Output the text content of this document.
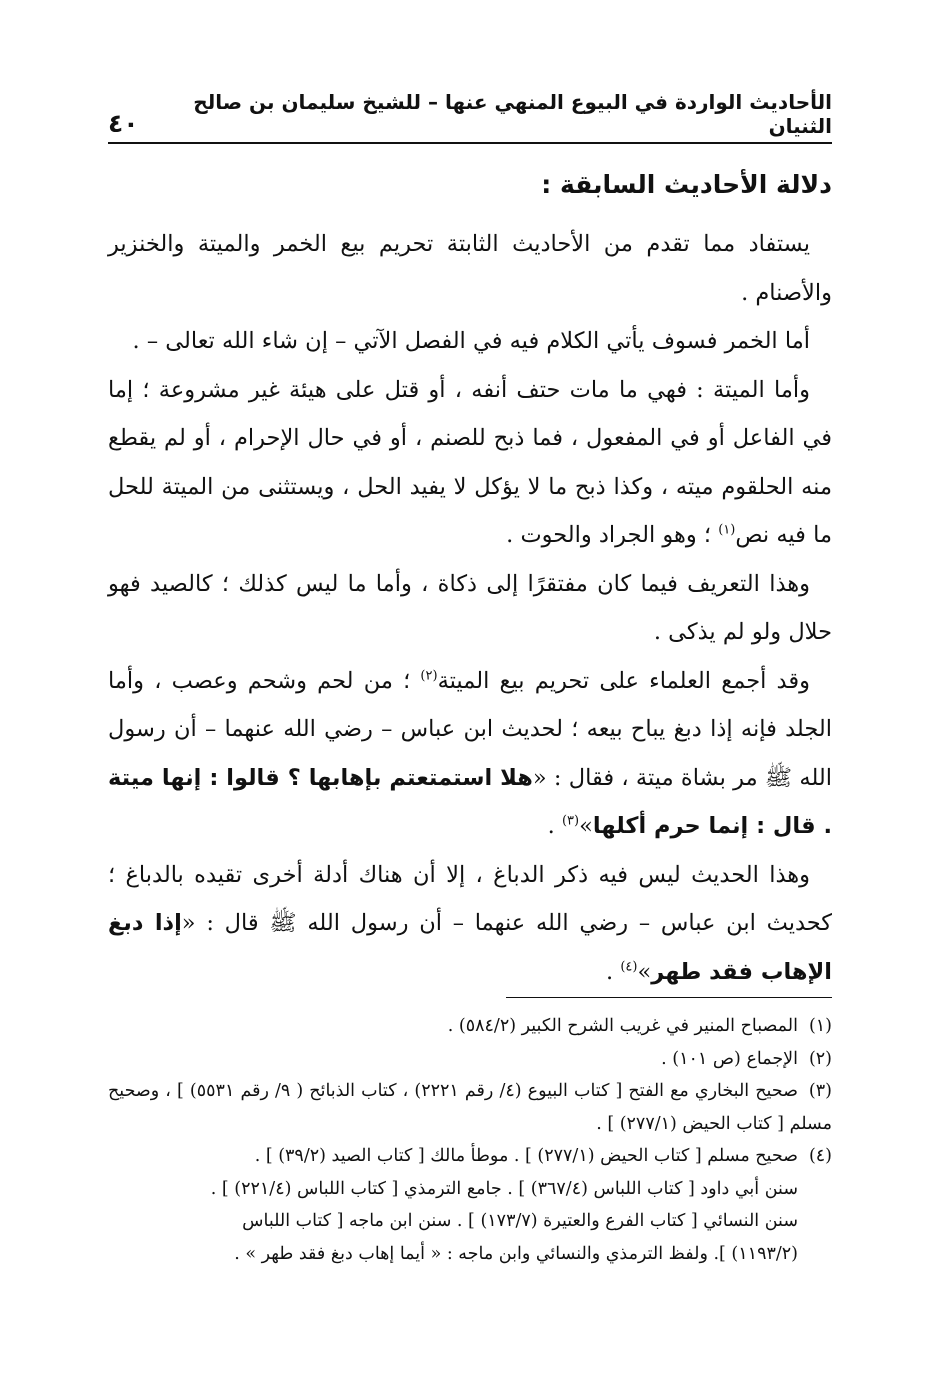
الأحاديث الواردة في البيوع المنهي عنها – للشيخ سليمان بن صالح الثنيان
٤٠
دلالة الأحاديث السابقة :

يستفاد مما تقدم من الأحاديث الثابتة تحريم بيع الخمر والميتة والخنزير والأصنام .

أما الخمر فسوف يأتي الكلام فيه في الفصل الآتي – إن شاء الله تعالى – .

وأما الميتة : فهي ما مات حتف أنفه ، أو قتل على هيئة غير مشروعة ؛ إما في الفاعل أو في المفعول ، فما ذبح للصنم ، أو في حال الإحرام ، أو لم يقطع منه الحلقوم ميته ، وكذا ذبح ما لا يؤكل لا يفيد الحل ، ويستثنى من الميتة للحل ما فيه نص$^{(١)}$ ؛ وهو الجراد والحوت .

وهذا التعريف فيما كان مفتقرًا إلى ذكاة ، وأما ما ليس كذلك ؛ كالصيد فهو حلال ولو لم يذكى .

وقد أجمع العلماء على تحريم بيع الميتة$^{(٢)}$ ؛ من لحم وشحم وعصب ، وأما الجلد فإنه إذا دبغ يباح بيعه ؛ لحديث ابن عباس – رضي الله عنهما – أن رسول الله ﷺ مر بشاة ميتة ، فقال : «هلا استمتعتم بإهابها ؟ قالوا : إنها ميتة . قال : إنما حرم أكلها»$^{(٣)}$ .

وهذا الحديث ليس فيه ذكر الدباغ ، إلا أن هناك أدلة أخرى تقيده بالدباغ ؛ كحديث ابن عباس – رضي الله عنهما – أن رسول الله ﷺ قال : «إذا دبغ الإهاب فقد طهر»$^{(٤)}$ .

(١)المصباح المنير في غريب الشرح الكبير (٥٨٤/٢) .

(٢)الإجماع (ص ١٠١) .

(٣)صحيح البخاري مع الفتح [ كتاب البيوع (٤/ رقم ٢٢٢١) ، كتاب الذبائح ( ٩/ رقم ٥٥٣١) ] ، وصحيح مسلم [ كتاب الحيض (٢٧٧/١) ] .

(٤)صحيح مسلم [ كتاب الحيض (٢٧٧/١) ] . موطأ مالك [ كتاب الصيد (٣٩/٢) ] .

سنن أبي داود [ كتاب اللباس (٣٦٧/٤) ] . جامع الترمذي [ كتاب اللباس (٢٢١/٤) ] .

سنن النسائي [ كتاب الفرع والعتيرة (١٧٣/٧) ] . سنن ابن ماجه [ كتاب اللباس

(١١٩٣/٢) ]. ولفظ الترمذي والنسائي وابن ماجه : « أيما إهاب دبغ فقد طهر » .
